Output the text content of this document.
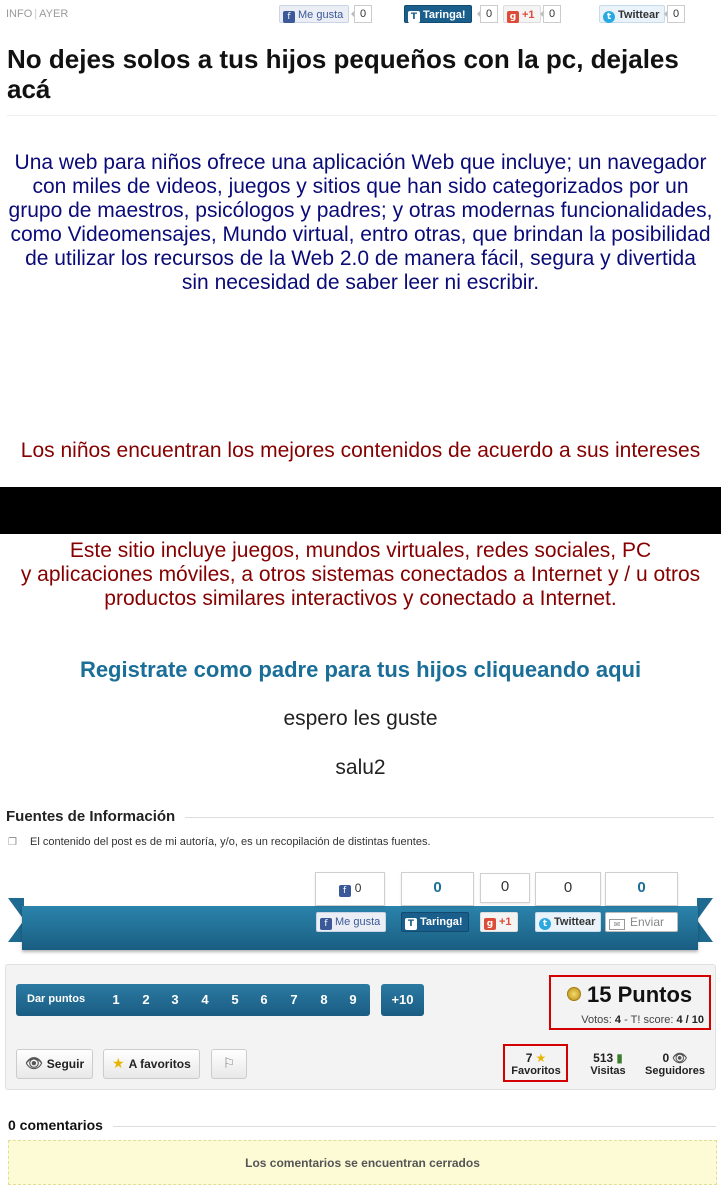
INFO | AYER	f Me gusta	0	T Taringa!	0	g +1	0	t Twittear	0
No dejes solos a tus hijos pequeños con la pc, dejales acá
Una web para niños ofrece una aplicación Web que incluye; un navegador
con miles de videos, juegos y sitios que han sido categorizados por un
grupo de maestros, psicólogos y padres; y otras modernas funcionalidades,
como Videomensajes, Mundo virtual, entro otras, que brindan la posibilidad
de utilizar los recursos de la Web 2.0 de manera fácil, segura y divertida
sin necesidad de saber leer ni escribir.
Los niños encuentran los mejores contenidos de acuerdo a sus intereses
Este sitio incluye juegos, mundos virtuales, redes sociales, PC
y aplicaciones móviles, a otros sistemas conectados a Internet y / u otros
productos similares interactivos y conectado a Internet.
Registrate como padre para tus hijos cliqueando aqui
espero les guste
salu2
Fuentes de Información
❐ El contenido del post es de mi autoría, y/o, es un recopilación de distintas fuentes.
f 0	0	0	0	0
f Me gusta	T Taringa!	g +1	t Twittear	✉ Enviar
Dar puntos 1 2 3 4 5 6 7 8 9	+10	15 Puntos
Votos: 4 - T! score: 4 / 10
👁 Seguir	★ A favoritos	⚐	7 ★
Favoritos
513 ▮
Visitas
0 👁
Seguidores
0 comentarios
Los comentarios se encuentran cerrados
